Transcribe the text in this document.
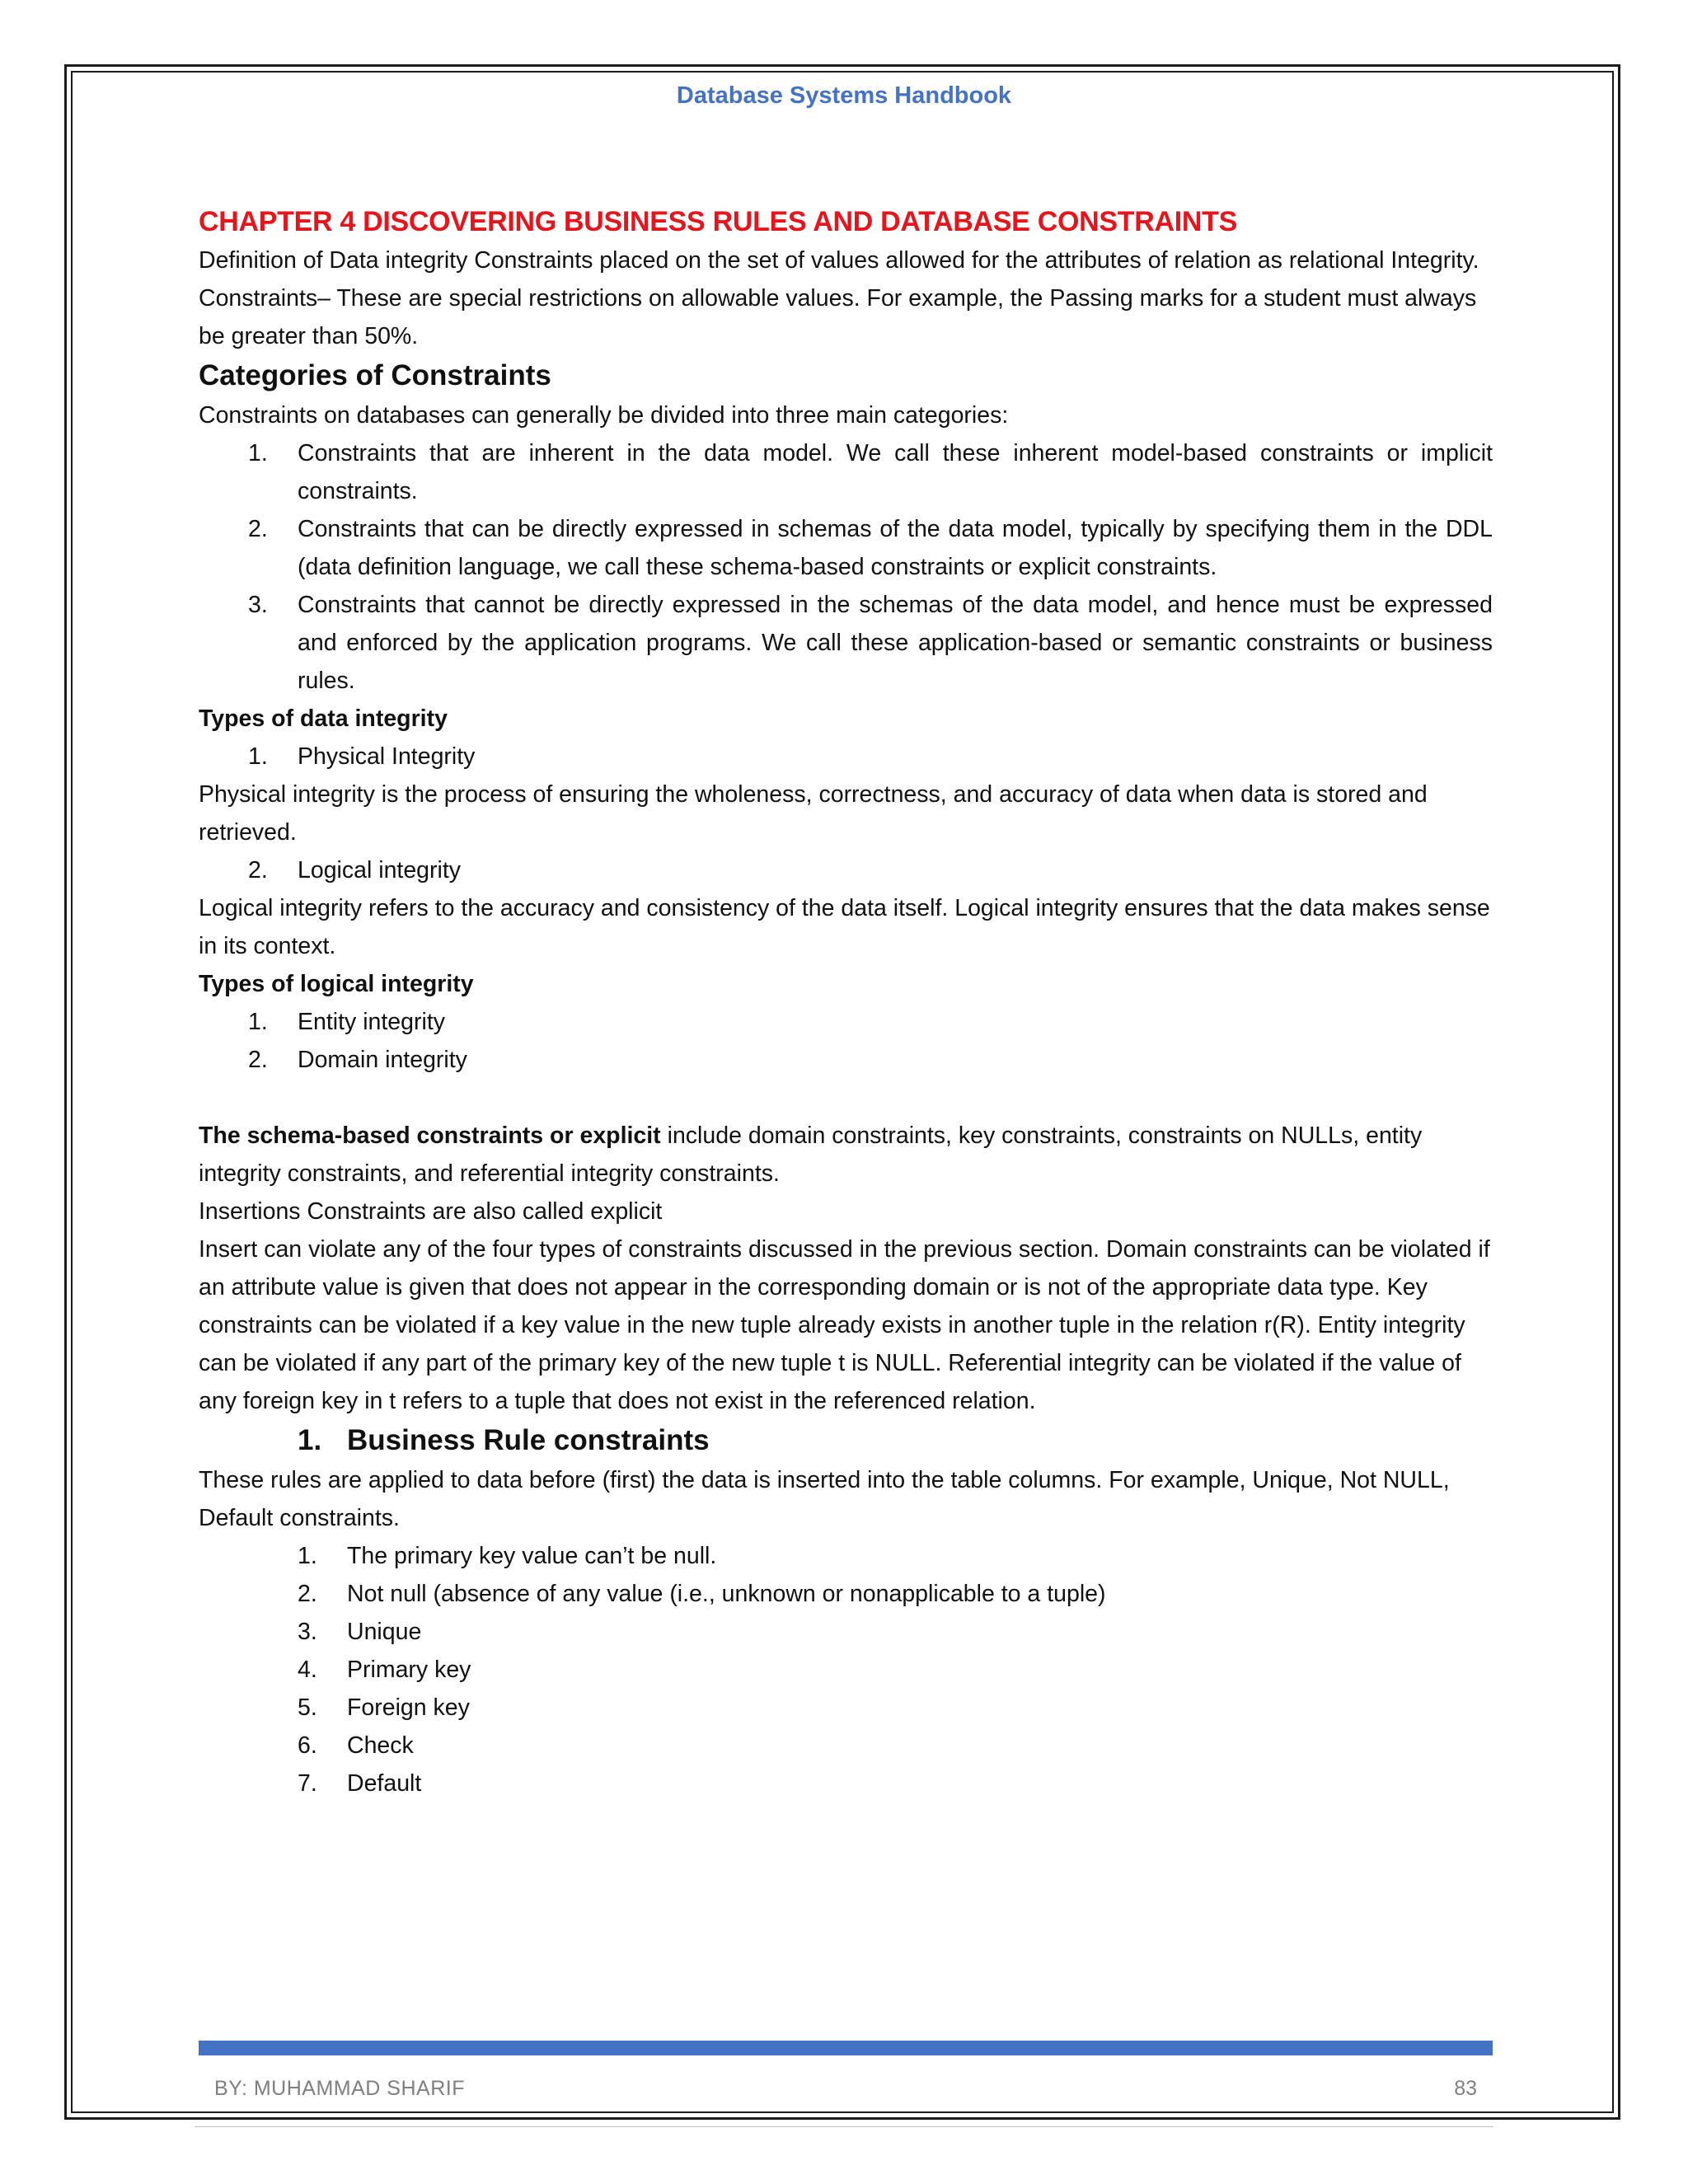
Database Systems Handbook

CHAPTER 4 DISCOVERING BUSINESS RULES AND DATABASE CONSTRAINTS

Definition of Data integrity Constraints placed on the set of values allowed for the attributes of relation as relational Integrity.

Constraints– These are special restrictions on allowable values. For example, the Passing marks for a student must always be greater than 50%.

Categories of Constraints

Constraints on databases can generally be divided into three main categories:

1.	Constraints that are inherent in the data model. We call these inherent model-based constraints or implicit constraints.
2.	Constraints that can be directly expressed in schemas of the data model, typically by specifying them in the DDL (data definition language, we call these schema-based constraints or explicit constraints.
3.	Constraints that cannot be directly expressed in the schemas of the data model, and hence must be expressed and enforced by the application programs. We call these application-based or semantic constraints or business rules.

Types of data integrity

1.	Physical Integrity

Physical integrity is the process of ensuring the wholeness, correctness, and accuracy of data when data is stored and retrieved.

2.	Logical integrity

Logical integrity refers to the accuracy and consistency of the data itself. Logical integrity ensures that the data makes sense in its context.

Types of logical integrity

1.	Entity integrity
2.	Domain integrity

The schema-based constraints or explicit include domain constraints, key constraints, constraints on NULLs, entity integrity constraints, and referential integrity constraints.

Insertions Constraints are also called explicit

Insert can violate any of the four types of constraints discussed in the previous section. Domain constraints can be violated if an attribute value is given that does not appear in the corresponding domain or is not of the appropriate data type. Key constraints can be violated if a key value in the new tuple already exists in another tuple in the relation r(R). Entity integrity can be violated if any part of the primary key of the new tuple t is NULL. Referential integrity can be violated if the value of any foreign key in t refers to a tuple that does not exist in the referenced relation.

1. Business Rule constraints

These rules are applied to data before (first) the data is inserted into the table columns. For example, Unique, Not NULL, Default constraints.

1.	The primary key value can’t be null.
2.	Not null (absence of any value (i.e., unknown or nonapplicable to a tuple)
3.	Unique
4.	Primary key
5.	Foreign key
6.	Check
7.	Default
BY: MUHAMMAD SHARIF	83
